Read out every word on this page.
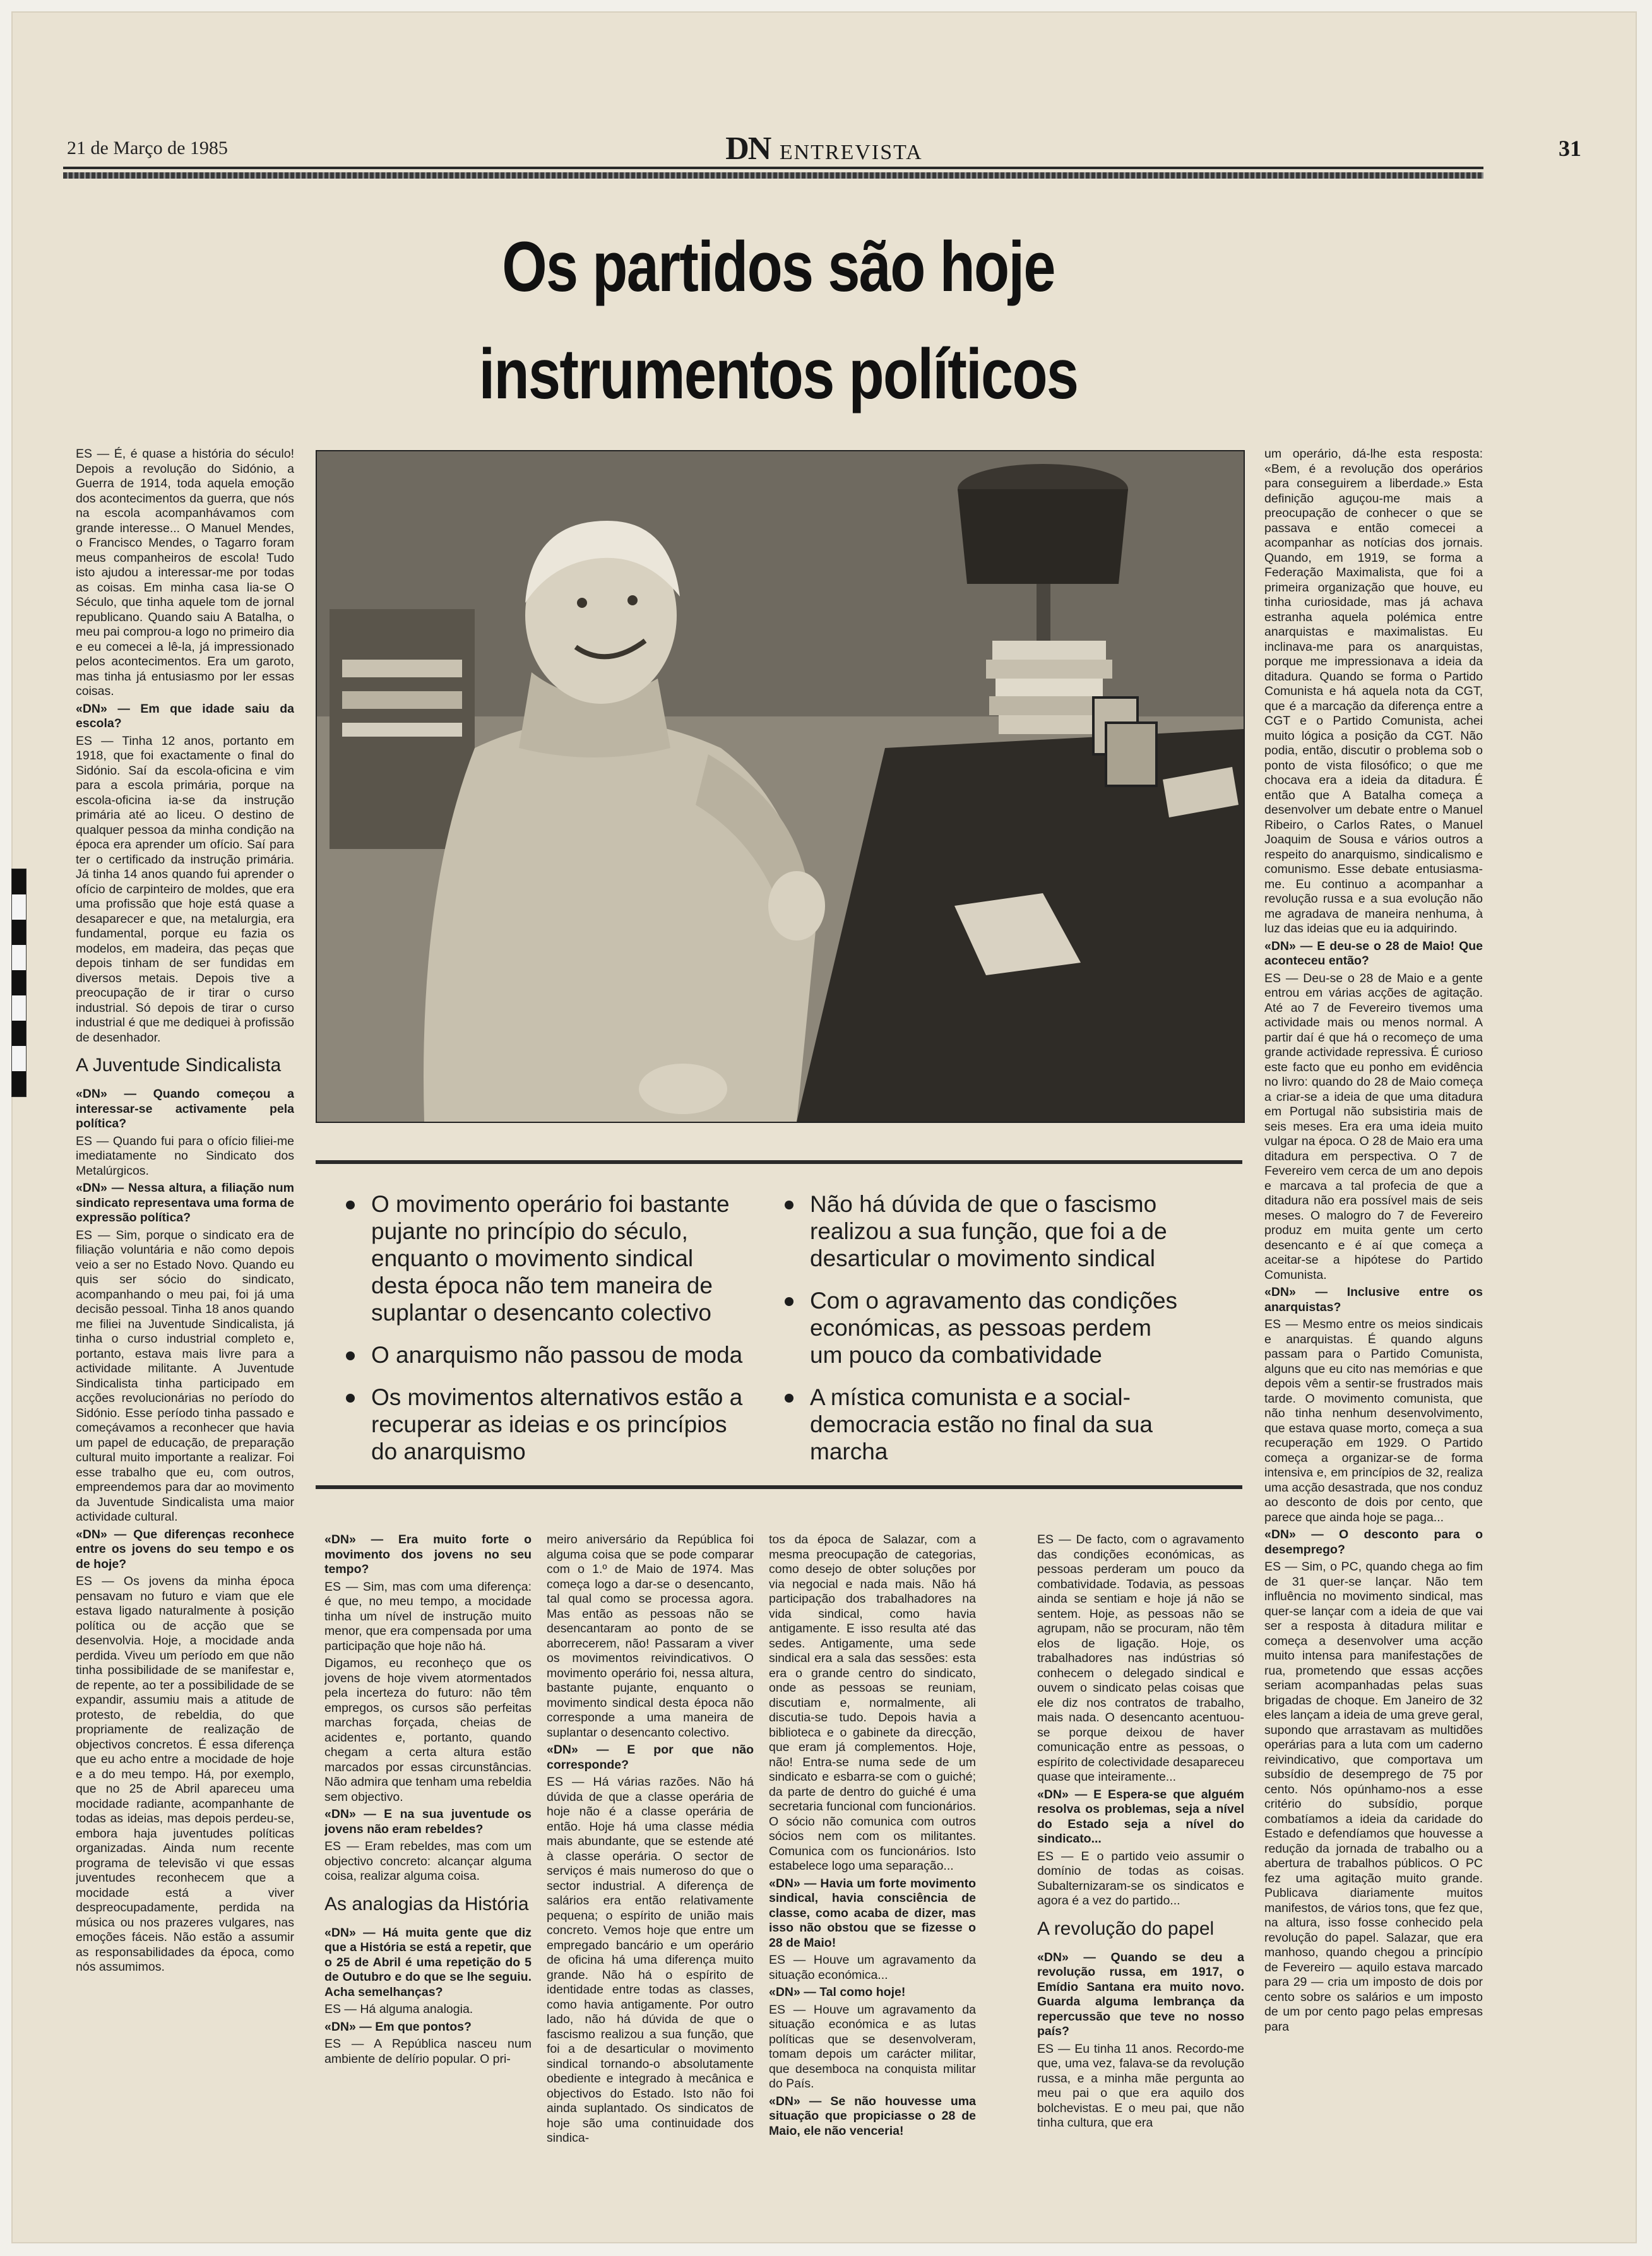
21 de Março de 1985	DN ENTREVISTA	31
Os partidos são hoje
instrumentos políticos

ES — É, é quase a história do século! Depois a revolução do Sidónio, a Guerra de 1914, toda aquela emoção dos acontecimentos da guerra, que nós na escola acompanhávamos com grande interesse... O Manuel Mendes, o Francisco Mendes, o Tagarro foram meus companheiros de escola! Tudo isto ajudou a interessar-me por todas as coisas. Em minha casa lia-se O Século, que tinha aquele tom de jornal republicano. Quando saiu A Batalha, o meu pai comprou-a logo no primeiro dia e eu comecei a lê-la, já impressionado pelos acontecimentos. Era um garoto, mas tinha já entusiasmo por ler essas coisas.

«DN» — Em que idade saiu da escola?

ES — Tinha 12 anos, portanto em 1918, que foi exactamente o final do Sidónio. Saí da escola-oficina e vim para a escola primária, porque na escola-oficina ia-se da instrução primária até ao liceu. O destino de qualquer pessoa da minha condição na época era aprender um ofício. Saí para ter o certificado da instrução primária. Já tinha 14 anos quando fui aprender o ofício de carpinteiro de moldes, que era uma profissão que hoje está quase a desaparecer e que, na metalurgia, era fundamental, porque eu fazia os modelos, em madeira, das peças que depois tinham de ser fundidas em diversos metais. Depois tive a preocupação de ir tirar o curso industrial. Só depois de tirar o curso industrial é que me dediquei à profissão de desenhador.

A Juventude Sindicalista

«DN» — Quando começou a interessar-se activamente pela política?

ES — Quando fui para o ofício filiei-me imediatamente no Sindicato dos Metalúrgicos.

«DN» — Nessa altura, a filiação num sindicato representava uma forma de expressão política?

ES — Sim, porque o sindicato era de filiação voluntária e não como depois veio a ser no Estado Novo. Quando eu quis ser sócio do sindicato, acompanhando o meu pai, foi já uma decisão pessoal. Tinha 18 anos quando me filiei na Juventude Sindicalista, já tinha o curso industrial completo e, portanto, estava mais livre para a actividade militante. A Juventude Sindicalista tinha participado em acções revolucionárias no período do Sidónio. Esse período tinha passado e começávamos a reconhecer que havia um papel de educação, de preparação cultural muito importante a realizar. Foi esse trabalho que eu, com outros, empreendemos para dar ao movimento da Juventude Sindicalista uma maior actividade cultural.

«DN» — Que diferenças reconhece entre os jovens do seu tempo e os de hoje?

ES — Os jovens da minha época pensavam no futuro e viam que ele estava ligado naturalmente à posição política ou de acção que se desenvolvia. Hoje, a mocidade anda perdida. Viveu um período em que não tinha possibilidade de se manifestar e, de repente, ao ter a possibilidade de se expandir, assumiu mais a atitude de protesto, de rebeldia, do que propriamente de realização de objectivos concretos. É essa diferença que eu acho entre a mocidade de hoje e a do meu tempo. Há, por exemplo, que no 25 de Abril apareceu uma mocidade radiante, acompanhante de todas as ideias, mas depois perdeu-se, embora haja juventudes políticas organizadas. Ainda num recente programa de televisão vi que essas juventudes reconhecem que a mocidade está a viver despreocupadamente, perdida na música ou nos prazeres vulgares, nas emoções fáceis. Não estão a assumir as responsabilidades da época, como nós assumimos.

O movimento operário foi bastante pujante no princípio do século, enquanto o movimento sindical desta época não tem maneira de suplantar o desencanto colectivo
O anarquismo não passou de moda
Os movimentos alternativos estão a recuperar as ideias e os princípios do anarquismo
Não há dúvida de que o fascismo realizou a sua função, que foi a de desarticular o movimento sindical
Com o agravamento das condições económicas, as pessoas perdem um pouco da combatividade
A mística comunista e a social-democracia estão no final da sua marcha

«DN» — Era muito forte o movimento dos jovens no seu tempo?

ES — Sim, mas com uma diferença: é que, no meu tempo, a mocidade tinha um nível de instrução muito menor, que era compensada por uma participação que hoje não há.

Digamos, eu reconheço que os jovens de hoje vivem atormentados pela incerteza do futuro: não têm empregos, os cursos são perfeitas marchas forçada, cheias de acidentes e, portanto, quando chegam a certa altura estão marcados por essas circunstâncias. Não admira que tenham uma rebeldia sem objectivo.

«DN» — E na sua juventude os jovens não eram rebeldes?

ES — Eram rebeldes, mas com um objectivo concreto: alcançar alguma coisa, realizar alguma coisa.

As analogias da História

«DN» — Há muita gente que diz que a História se está a repetir, que o 25 de Abril é uma repetição do 5 de Outubro e do que se lhe seguiu. Acha semelhanças?

ES — Há alguma analogia.

«DN» — Em que pontos?

ES — A República nasceu num ambiente de delírio popular. O pri-

meiro aniversário da República foi alguma coisa que se pode comparar com o 1.º de Maio de 1974. Mas começa logo a dar-se o desencanto, tal qual como se processa agora. Mas então as pessoas não se desencantaram ao ponto de se aborrecerem, não! Passaram a viver os movimentos reivindicativos. O movimento operário foi, nessa altura, bastante pujante, enquanto o movimento sindical desta época não corresponde a uma maneira de suplantar o desencanto colectivo.

«DN» — E por que não corresponde?

ES — Há várias razões. Não há dúvida de que a classe operária de hoje não é a classe operária de então. Hoje há uma classe média mais abundante, que se estende até à classe operária. O sector de serviços é mais numeroso do que o sector industrial. A diferença de salários era então relativamente pequena; o espírito de união mais concreto. Vemos hoje que entre um empregado bancário e um operário de oficina há uma diferença muito grande. Não há o espírito de identidade entre todas as classes, como havia antigamente. Por outro lado, não há dúvida de que o fascismo realizou a sua função, que foi a de desarticular o movimento sindical tornando-o absolutamente obediente e integrado à mecânica e objectivos do Estado. Isto não foi ainda suplantado. Os sindicatos de hoje são uma continuidade dos sindica-

tos da época de Salazar, com a mesma preocupação de categorias, como desejo de obter soluções por via negocial e nada mais. Não há participação dos trabalhadores na vida sindical, como havia antigamente. E isso resulta até das sedes. Antigamente, uma sede sindical era a sala das sessões: esta era o grande centro do sindicato, onde as pessoas se reuniam, discutiam e, normalmente, ali discutia-se tudo. Depois havia a biblioteca e o gabinete da direcção, que eram já complementos. Hoje, não! Entra-se numa sede de um sindicato e esbarra-se com o guiché; da parte de dentro do guiché é uma secretaria funcional com funcionários. O sócio não comunica com outros sócios nem com os militantes. Comunica com os funcionários. Isto estabelece logo uma separação...

«DN» — Havia um forte movimento sindical, havia consciência de classe, como acaba de dizer, mas isso não obstou que se fizesse o 28 de Maio!

ES — Houve um agravamento da situação económica...

«DN» — Tal como hoje!

ES — Houve um agravamento da situação económica e as lutas políticas que se desenvolveram, tomam depois um carácter militar, que desemboca na conquista militar do País.

«DN» — Se não houvesse uma situação que propiciasse o 28 de Maio, ele não venceria!

ES — De facto, com o agravamento das condições económicas, as pessoas perderam um pouco da combatividade. Todavia, as pessoas ainda se sentiam e hoje já não se sentem. Hoje, as pessoas não se agrupam, não se procuram, não têm elos de ligação. Hoje, os trabalhadores nas indústrias só conhecem o delegado sindical e ouvem o sindicato pelas coisas que ele diz nos contratos de trabalho, mais nada. O desencanto acentuou-se porque deixou de haver comunicação entre as pessoas, o espírito de colectividade desapareceu quase que inteiramente...

«DN» — E Espera-se que alguém resolva os problemas, seja a nível do Estado seja a nível do sindicato...

ES — E o partido veio assumir o domínio de todas as coisas. Subalternizaram-se os sindicatos e agora é a vez do partido...

A revolução do papel

«DN» — Quando se deu a revolução russa, em 1917, o Emídio Santana era muito novo. Guarda alguma lembrança da repercussão que teve no nosso país?

ES — Eu tinha 11 anos. Recordo-me que, uma vez, falava-se da revolução russa, e a minha mãe pergunta ao meu pai o que era aquilo dos bolchevistas. E o meu pai, que não tinha cultura, que era

um operário, dá-lhe esta resposta: «Bem, é a revolução dos operários para conseguirem a liberdade.» Esta definição aguçou-me mais a preocupação de conhecer o que se passava e então comecei a acompanhar as notícias dos jornais. Quando, em 1919, se forma a Federação Maximalista, que foi a primeira organização que houve, eu tinha curiosidade, mas já achava estranha aquela polémica entre anarquistas e maximalistas. Eu inclinava-me para os anarquistas, porque me impressionava a ideia da ditadura. Quando se forma o Partido Comunista e há aquela nota da CGT, que é a marcação da diferença entre a CGT e o Partido Comunista, achei muito lógica a posição da CGT. Não podia, então, discutir o problema sob o ponto de vista filosófico; o que me chocava era a ideia da ditadura. É então que A Batalha começa a desenvolver um debate entre o Manuel Ribeiro, o Carlos Rates, o Manuel Joaquim de Sousa e vários outros a respeito do anarquismo, sindicalismo e comunismo. Esse debate entusiasma-me. Eu continuo a acompanhar a revolução russa e a sua evolução não me agradava de maneira nenhuma, à luz das ideias que eu ia adquirindo.

«DN» — E deu-se o 28 de Maio! Que aconteceu então?

ES — Deu-se o 28 de Maio e a gente entrou em várias acções de agitação. Até ao 7 de Fevereiro tivemos uma actividade mais ou menos normal. A partir daí é que há o recomeço de uma grande actividade repressiva. É curioso este facto que eu ponho em evidência no livro: quando do 28 de Maio começa a criar-se a ideia de que uma ditadura em Portugal não subsistiria mais de seis meses. Era era uma ideia muito vulgar na época. O 28 de Maio era uma ditadura em perspectiva. O 7 de Fevereiro vem cerca de um ano depois e marcava a tal profecia de que a ditadura não era possível mais de seis meses. O malogro do 7 de Fevereiro produz em muita gente um certo desencanto e é aí que começa a aceitar-se a hipótese do Partido Comunista.

«DN» — Inclusive entre os anarquistas?

ES — Mesmo entre os meios sindicais e anarquistas. É quando alguns passam para o Partido Comunista, alguns que eu cito nas memórias e que depois vêm a sentir-se frustrados mais tarde. O movimento comunista, que não tinha nenhum desenvolvimento, que estava quase morto, começa a sua recuperação em 1929. O Partido começa a organizar-se de forma intensiva e, em princípios de 32, realiza uma acção desastrada, que nos conduz ao desconto de dois por cento, que parece que ainda hoje se paga...

«DN» — O desconto para o desemprego?

ES — Sim, o PC, quando chega ao fim de 31 quer-se lançar. Não tem influência no movimento sindical, mas quer-se lançar com a ideia de que vai ser a resposta à ditadura militar e começa a desenvolver uma acção muito intensa para manifestações de rua, prometendo que essas acções seriam acompanhadas pelas suas brigadas de choque. Em Janeiro de 32 eles lançam a ideia de uma greve geral, supondo que arrastavam as multidões operárias para a luta com um caderno reivindicativo, que comportava um subsídio de desemprego de 75 por cento. Nós opúnhamo-nos a esse critério do subsídio, porque combatíamos a ideia da caridade do Estado e defendíamos que houvesse a redução da jornada de trabalho ou a abertura de trabalhos públicos. O PC fez uma agitação muito grande. Publicava diariamente muitos manifestos, de vários tons, que fez que, na altura, isso fosse conhecido pela revolução do papel. Salazar, que era manhoso, quando chegou a princípio de Fevereiro — aquilo estava marcado para 29 — cria um imposto de dois por cento sobre os salários e um imposto de um por cento pago pelas empresas para
